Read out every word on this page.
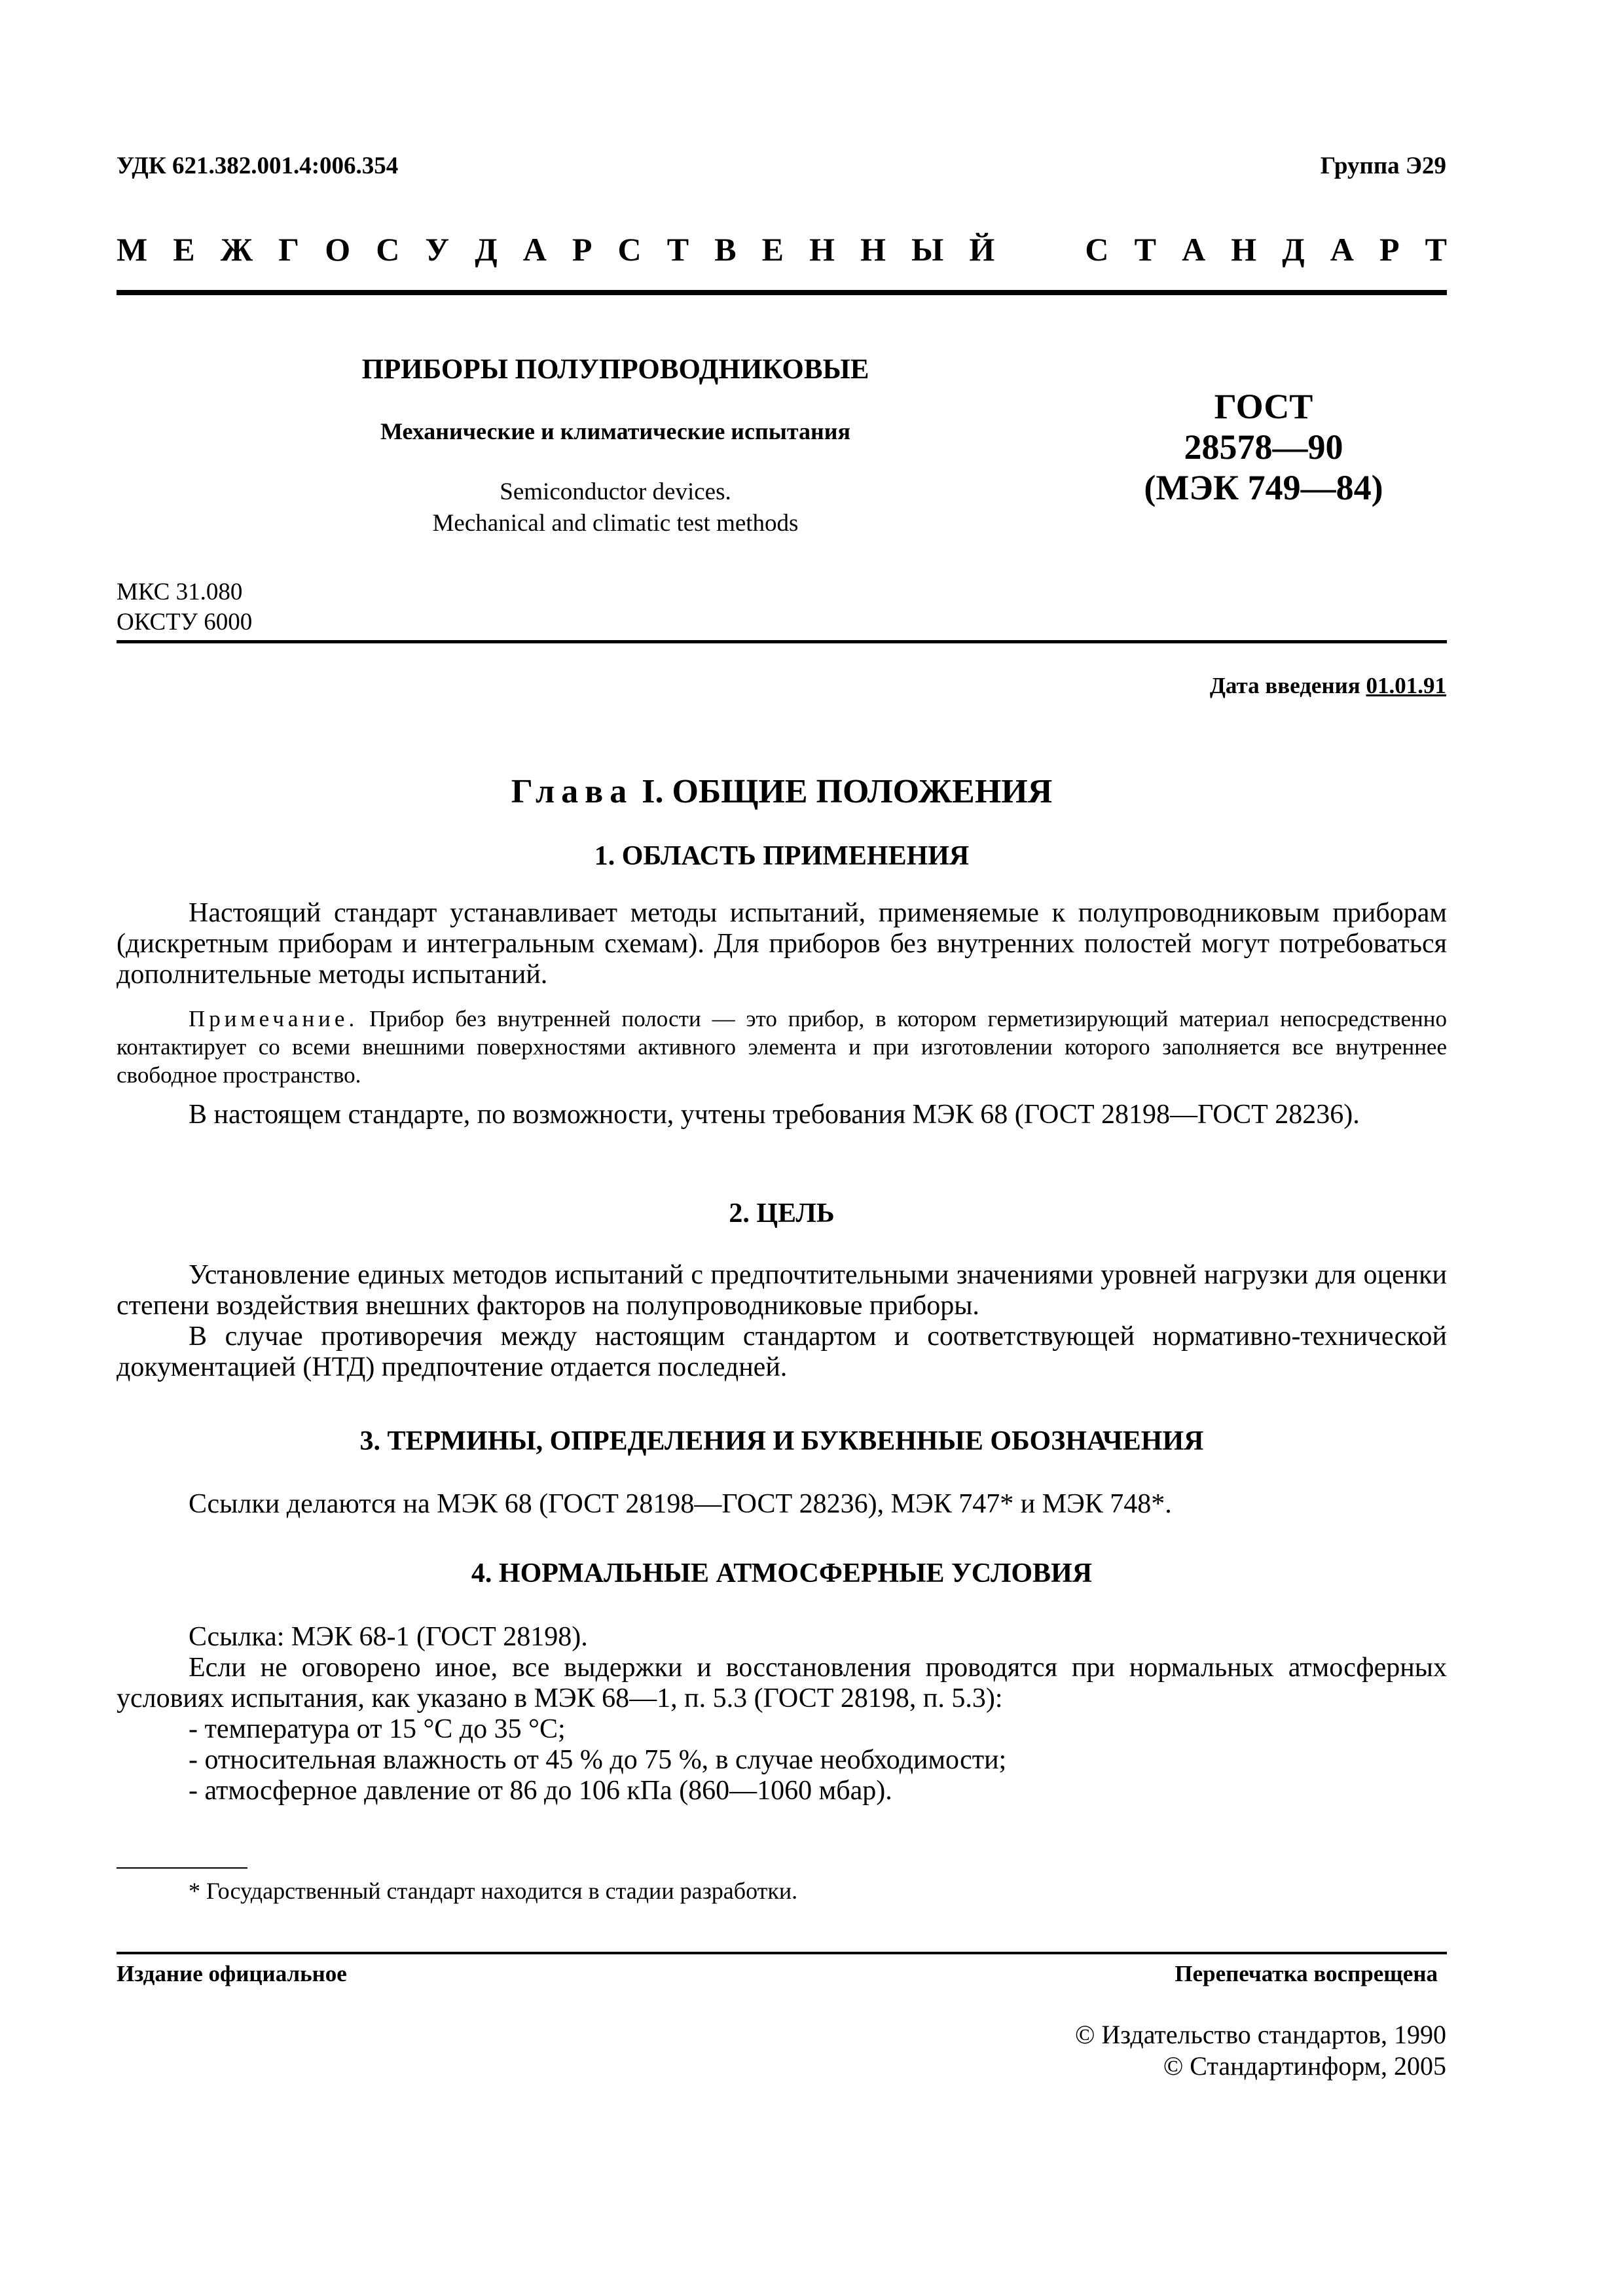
УДК 621.382.001.4:006.354	Группа Э29
М Е Ж Г О С У Д А Р С Т В Е Н Н Ы Й	С Т А Н Д А Р Т
ПРИБОРЫ ПОЛУПРОВОДНИКОВЫЕ
Механические и климатические испытания
Semiconductor devices.
Mechanical and climatic test methods
ГОСТ
28578—90
(МЭК 749—84)
МКС 31.080
ОКСТУ 6000
Дата введения 01.01.91
Глава I. ОБЩИЕ ПОЛОЖЕНИЯ
1. ОБЛАСТЬ ПРИМЕНЕНИЯ
Настоящий стандарт устанавливает методы испытаний, применяемые к полупроводниковым приборам (дискретным приборам и интегральным схемам). Для приборов без внутренних полостей могут потребоваться дополнительные методы испытаний.
Примечание. Прибор без внутренней полости — это прибор, в котором герметизирующий материал непосредственно контактирует со всеми внешними поверхностями активного элемента и при изготовлении которого заполняется все внутреннее свободное пространство.
В настоящем стандарте, по возможности, учтены требования МЭК 68 (ГОСТ 28198—ГОСТ 28236).
2. ЦЕЛЬ
Установление единых методов испытаний с предпочтительными значениями уровней нагрузки для оценки степени воздействия внешних факторов на полупроводниковые приборы.
В случае противоречия между настоящим стандартом и соответствующей нормативно-технической документацией (НТД) предпочтение отдается последней.
3. ТЕРМИНЫ, ОПРЕДЕЛЕНИЯ И БУКВЕННЫЕ ОБОЗНАЧЕНИЯ
Ссылки делаются на МЭК 68 (ГОСТ 28198—ГОСТ 28236), МЭК 747* и МЭК 748*.
4. НОРМАЛЬНЫЕ АТМОСФЕРНЫЕ УСЛОВИЯ
Ссылка: МЭК 68-1 (ГОСТ 28198).
Если не оговорено иное, все выдержки и восстановления проводятся при нормальных атмосферных условиях испытания, как указано в МЭК 68—1, п. 5.3 (ГОСТ 28198, п. 5.3):
- температура от 15 °С до 35 °С;
- относительная влажность от 45 % до 75 %, в случае необходимости;
- атмосферное давление от 86 до 106 кПа (860—1060 мбар).
* Государственный стандарт находится в стадии разработки.
Издание официальное	Перепечатка воспрещена
© Издательство стандартов, 1990
© Стандартинформ, 2005
